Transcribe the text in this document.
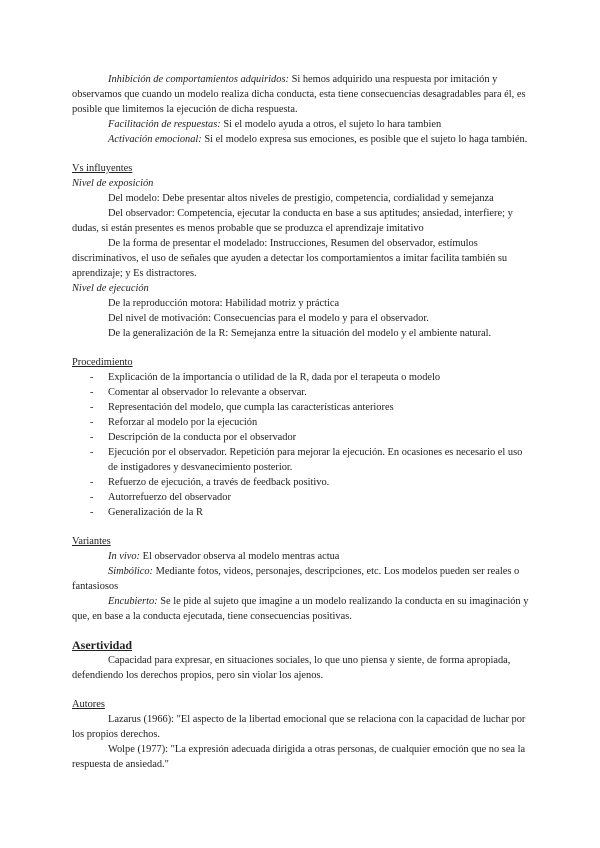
Inhibición de comportamientos adquiridos: Si hemos adquirido una respuesta por imitación y observamos que cuando un modelo realiza dicha conducta, esta tiene consecuencias desagradables para él, es posible que limitemos la ejecución de dicha respuesta.

Facilitación de respuestas: Si el modelo ayuda a otros, el sujeto lo hara tambien

Activación emocional: Si el modelo expresa sus emociones, es posible que el sujeto lo haga también.

Vs influyentes

Nivel de exposición

Del modelo: Debe presentar altos niveles de prestigio, competencia, cordialidad y semejanza

Del observador: Competencia, ejecutar la conducta en base a sus aptitudes; ansiedad, interfiere; y dudas, si están presentes es menos probable que se produzca el aprendizaje imitativo

De la forma de presentar el modelado: Instrucciones, Resumen del observador, estímulos discriminativos, el uso de señales que ayuden a detectar los comportamientos a imitar facilita también su aprendizaje; y Es distractores.

Nivel de ejecución

De la reproducción motora: Habilidad motriz y práctica

Del nivel de motivación: Consecuencias para el modelo y para el observador.

De la generalización de la R: Semejanza entre la situación del modelo y el ambiente natural.

Procedimiento

- Explicación de la importancia o utilidad de la R, dada por el terapeuta o modelo
- Comentar al observador lo relevante a observar.
- Representación del modelo, que cumpla las características anteriores
- Reforzar al modelo por la ejecución
- Descripción de la conducta por el observador
- Ejecución por el observador. Repetición para mejorar la ejecución. En ocasiones es necesario el uso de instigadores y desvanecimiento posterior.
- Refuerzo de ejecución, a través de feedback positivo.
- Autorrefuerzo del observador
- Generalización de la R

Variantes

In vivo: El observador observa al modelo mentras actua

Simbólico: Mediante fotos, videos, personajes, descripciones, etc. Los modelos pueden ser reales o fantasiosos

Encubierto: Se le pide al sujeto que imagine a un modelo realizando la conducta en su imaginación y que, en base a la conducta ejecutada, tiene consecuencias positivas.

Asertividad

Capacidad para expresar, en situaciones sociales, lo que uno piensa y siente, de forma apropiada, defendiendo los derechos propios, pero sin violar los ajenos.

Autores

Lazarus (1966): "El aspecto de la libertad emocional que se relaciona con la capacidad de luchar por los propios derechos.

Wolpe (1977): "La expresión adecuada dirigida a otras personas, de cualquier emoción que no sea la respuesta de ansiedad."
